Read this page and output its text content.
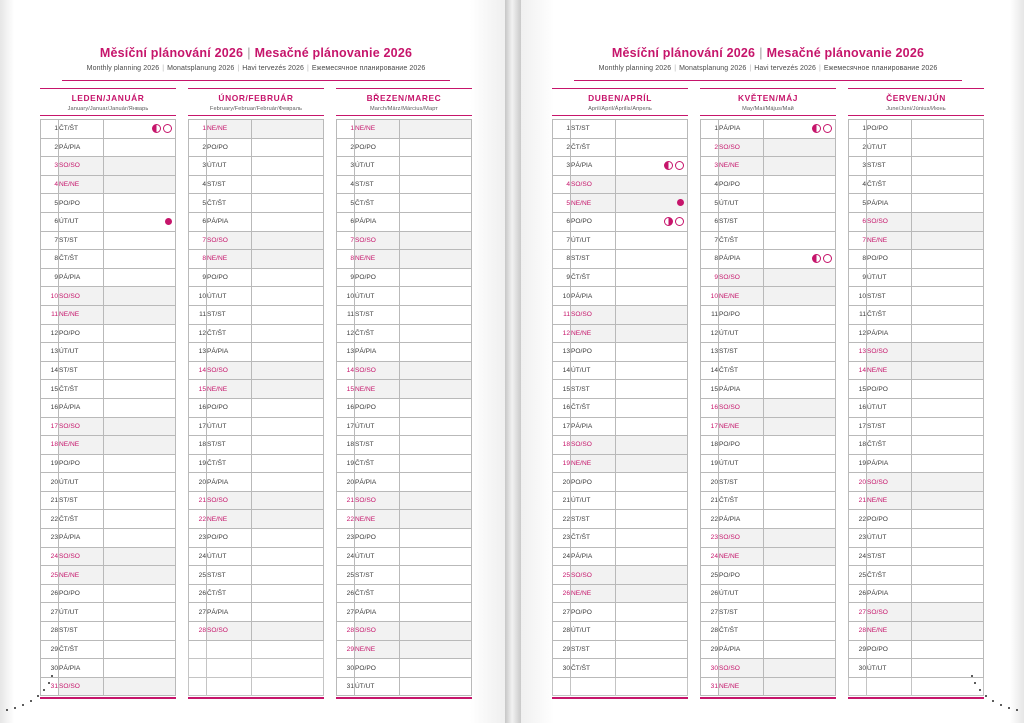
Měsíční plánování 2026 | Mesačné plánovanie 2026
Monthly planning 2026 | Monatsplanung 2026 | Havi tervezés 2026 | Ежемесячное планирование 2026
LEDEN/JANUÁR
January/Januar/Január/Январь
1	ČT/ŠT	

2	PÁ/PIA	
3	SO/SO	
4	NE/NE	
5	PO/PO	
6	ÚT/UT	

7	ST/ST	
8	ČT/ŠT	
9	PÁ/PIA	
10	SO/SO	
11	NE/NE	
12	PO/PO	
13	ÚT/UT	
14	ST/ST	
15	ČT/ŠT	
16	PÁ/PIA	
17	SO/SO	
18	NE/NE	
19	PO/PO	
20	ÚT/UT	
21	ST/ST	
22	ČT/ŠT	
23	PÁ/PIA	
24	SO/SO	
25	NE/NE	
26	PO/PO	
27	ÚT/UT	
28	ST/ST	
29	ČT/ŠT	
30	PÁ/PIA	
31	SO/SO	
ÚNOR/FEBRUÁR
February/Februar/Február/Февраль
1	NE/NE	
2	PO/PO	
3	ÚT/UT	
4	ST/ST	
5	ČT/ŠT	
6	PÁ/PIA	
7	SO/SO	
8	NE/NE	
9	PO/PO	
10	ÚT/UT	
11	ST/ST	
12	ČT/ŠT	
13	PÁ/PIA	
14	SO/SO	
15	NE/NE	
16	PO/PO	
17	ÚT/UT	
18	ST/ST	
19	ČT/ŠT	
20	PÁ/PIA	
21	SO/SO	
22	NE/NE	
23	PO/PO	
24	ÚT/UT	
25	ST/ST	
26	ČT/ŠT	
27	PÁ/PIA	
28	SO/SO	

BŘEZEN/MAREC
March/März/Március/Март
1	NE/NE	
2	PO/PO	
3	ÚT/UT	
4	ST/ST	
5	ČT/ŠT	
6	PÁ/PIA	
7	SO/SO	
8	NE/NE	
9	PO/PO	
10	ÚT/UT	
11	ST/ST	
12	ČT/ŠT	
13	PÁ/PIA	
14	SO/SO	
15	NE/NE	
16	PO/PO	
17	ÚT/UT	
18	ST/ST	
19	ČT/ŠT	
20	PÁ/PIA	
21	SO/SO	
22	NE/NE	
23	PO/PO	
24	ÚT/UT	
25	ST/ST	
26	ČT/ŠT	
27	PÁ/PIA	
28	SO/SO	
29	NE/NE	
30	PO/PO	
31	ÚT/UT	
Měsíční plánování 2026 | Mesačné plánovanie 2026
Monthly planning 2026 | Monatsplanung 2026 | Havi tervezés 2026 | Ежемесячное планирование 2026
DUBEN/APRÍL
April/April/Április/Апрель
1	ST/ST	
2	ČT/ŠT	
3	PÁ/PIA	

4	SO/SO	
5	NE/NE	

6	PO/PO	

7	ÚT/UT	
8	ST/ST	
9	ČT/ŠT	
10	PÁ/PIA	
11	SO/SO	
12	NE/NE	
13	PO/PO	
14	ÚT/UT	
15	ST/ST	
16	ČT/ŠT	
17	PÁ/PIA	
18	SO/SO	
19	NE/NE	
20	PO/PO	
21	ÚT/UT	
22	ST/ST	
23	ČT/ŠT	
24	PÁ/PIA	
25	SO/SO	
26	NE/NE	
27	PO/PO	
28	ÚT/UT	
29	ST/ST	
30	ČT/ŠT	

KVĚTEN/MÁJ
May/Mai/Május/Май
1	PÁ/PIA	

2	SO/SO	
3	NE/NE	
4	PO/PO	
5	ÚT/UT	
6	ST/ST	
7	ČT/ŠT	
8	PÁ/PIA	

9	SO/SO	
10	NE/NE	
11	PO/PO	
12	ÚT/UT	
13	ST/ST	
14	ČT/ŠT	
15	PÁ/PIA	
16	SO/SO	
17	NE/NE	
18	PO/PO	
19	ÚT/UT	
20	ST/ST	
21	ČT/ŠT	
22	PÁ/PIA	
23	SO/SO	
24	NE/NE	
25	PO/PO	
26	ÚT/UT	
27	ST/ST	
28	ČT/ŠT	
29	PÁ/PIA	
30	SO/SO	
31	NE/NE	
ČERVEN/JÚN
June/Juni/Június/Июнь
1	PO/PO	
2	ÚT/UT	
3	ST/ST	
4	ČT/ŠT	
5	PÁ/PIA	
6	SO/SO	
7	NE/NE	
8	PO/PO	
9	ÚT/UT	
10	ST/ST	
11	ČT/ŠT	
12	PÁ/PIA	
13	SO/SO	
14	NE/NE	
15	PO/PO	
16	ÚT/UT	
17	ST/ST	
18	ČT/ŠT	
19	PÁ/PIA	
20	SO/SO	
21	NE/NE	
22	PO/PO	
23	ÚT/UT	
24	ST/ST	
25	ČT/ŠT	
26	PÁ/PIA	
27	SO/SO	
28	NE/NE	
29	PO/PO	
30	ÚT/UT	
